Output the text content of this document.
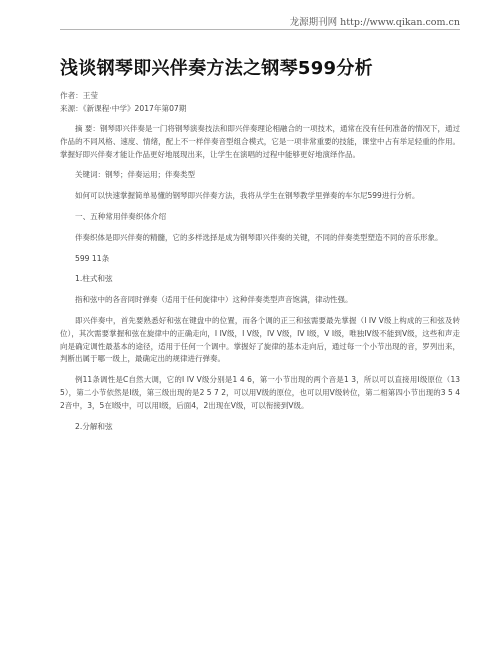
龙源期刊网 http://www.qikan.com.cn
浅谈钢琴即兴伴奏方法之钢琴599分析
作者：王莹
来源：《新课程·中学》2017年第07期

摘 要：钢琴即兴伴奏是一门将钢琴演奏技法和即兴伴奏理论相融合的一项技术，通常在没有任何准备的情况下，通过作品的不同风格、速度、情绪，配上不一样伴奏音型组合模式，它是一项非常重要的技能，课堂中占有举足轻重的作用。掌握好即兴伴奏才能让作品更好地展现出来，让学生在演唱的过程中能够更好地演绎作品。

关键词：钢琴；伴奏运用；伴奏类型

如何可以快速掌握简单易懂的钢琴即兴伴奏方法，我将从学生在钢琴教学里弹奏的车尔尼599进行分析。

一、五种常用伴奏织体介绍

伴奏织体是即兴伴奏的精髓，它的多样选择是成为钢琴即兴伴奏的关键，不同的伴奏类型塑造不同的音乐形象。

599 11条

1.柱式和弦

指和弦中的各音同时弹奏（适用于任何旋律中）这种伴奏类型声音饱满，律动性强。

即兴伴奏中，首先要熟悉好和弦在键盘中的位置，而各个调的正三和弦需要最先掌握（I IV V级上构成的三和弦及转位），其次需要掌握和弦在旋律中的正确走向，I IV级，I V级，IV V级，IV I级，V I级，唯独IV级不能到V级，这些和声走向是确定调性最基本的途径，适用于任何一个调中。掌握好了旋律的基本走向后，通过每一个小节出现的音，罗列出来，判断出属于哪一级上，最确定出的规律进行弹奏。

例11条调性是C自然大调，它的I IV V级分别是1 4 6，第一小节出现的两个音是1 3，所以可以直接用I级原位（135），第二小节依然是I级，第三级出现的是2 5 7 2，可以用V级的原位，也可以用V级转位，第二相第四小节出现的3 5 4 2音中，3，5在I级中，可以用I级，后面4，2出现在V级，可以衔接到V级。

2.分解和弦
